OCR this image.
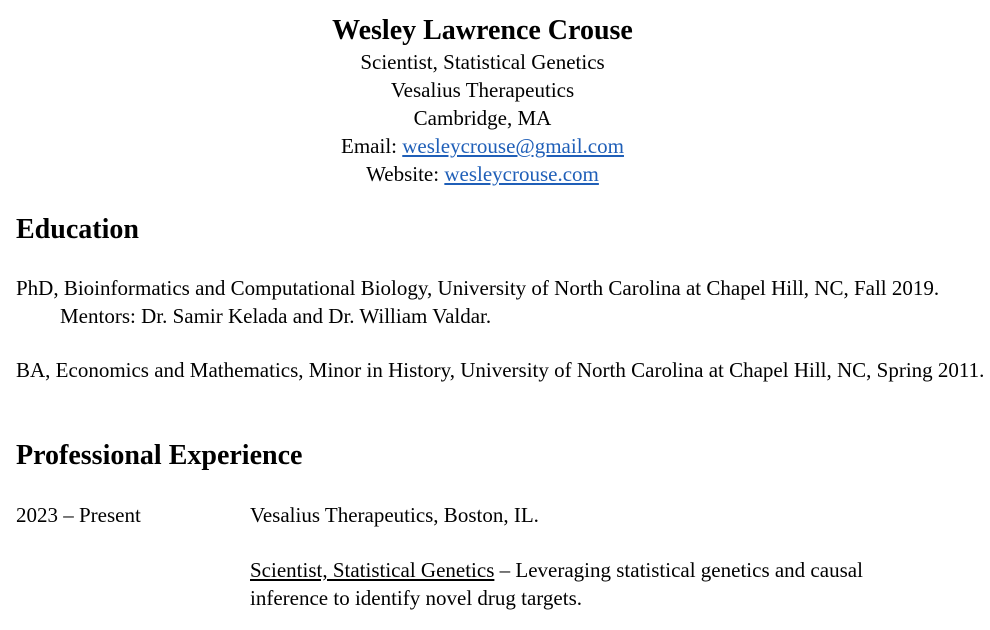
Wesley Lawrence Crouse

Scientist, Statistical Genetics

Vesalius Therapeutics

Cambridge, MA

Email: wesleycrouse@gmail.com

Website: wesleycrouse.com

Education
PhD, Bioinformatics and Computational Biology, University of North Carolina at Chapel Hill, NC, Fall 2019. Mentors: Dr. Samir Kelada and Dr. William Valdar.
BA, Economics and Mathematics, Minor in History, University of North Carolina at Chapel Hill, NC, Spring 2011.
Professional Experience
2023 – Present	Vesalius Therapeutics, Boston, IL.
Scientist, Statistical Genetics – Leveraging statistical genetics and causal
inference to identify novel drug targets.
